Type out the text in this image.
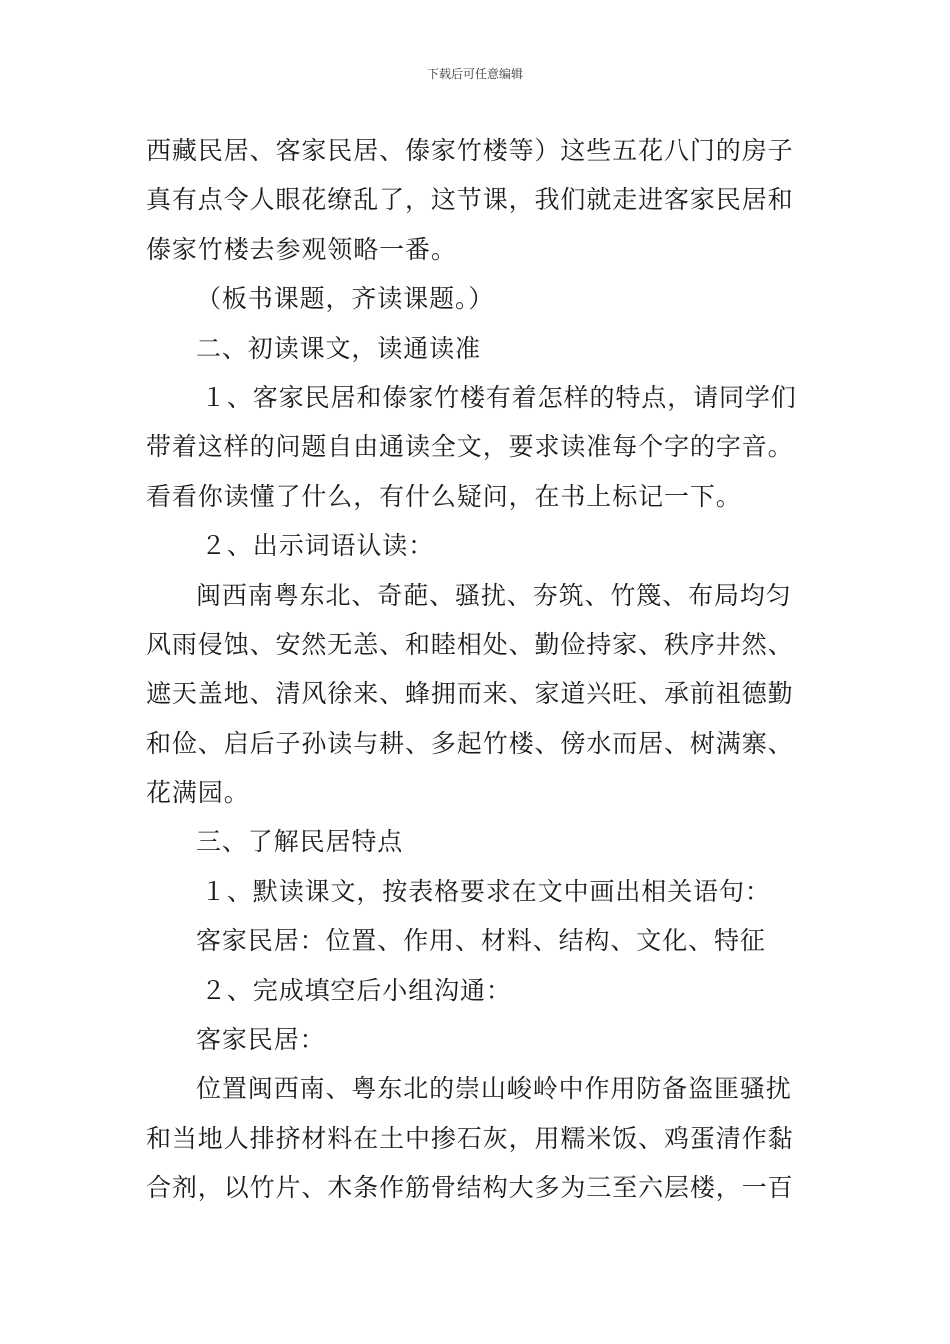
下载后可任意编辑
西藏民居、客家民居、傣家竹楼等）这些五花八门的房子
真有点令人眼花缭乱了，这节课，我们就走进客家民居和
傣家竹楼去参观领略一番。
（板书课题，齐读课题。）
二、初读课文，读通读准
１、客家民居和傣家竹楼有着怎样的特点，请同学们
带着这样的问题自由通读全文，要求读准每个字的字音。
看看你读懂了什么，有什么疑问，在书上标记一下。
２、出示词语认读：
闽西南粤东北、奇葩、骚扰、夯筑、竹篾、布局均匀
风雨侵蚀、安然无恙、和睦相处、勤俭持家、秩序井然、
遮天盖地、清风徐来、蜂拥而来、家道兴旺、承前祖德勤
和俭、启后子孙读与耕、多起竹楼、傍水而居、树满寨、
花满园。
三、了解民居特点
１、默读课文，按表格要求在文中画出相关语句：
客家民居：位置、作用、材料、结构、文化、特征
２、完成填空后小组沟通：
客家民居：
位置闽西南、粤东北的崇山峻岭中作用防备盗匪骚扰
和当地人排挤材料在土中掺石灰，用糯米饭、鸡蛋清作黏
合剂，以竹片、木条作筋骨结构大多为三至六层楼，一百
